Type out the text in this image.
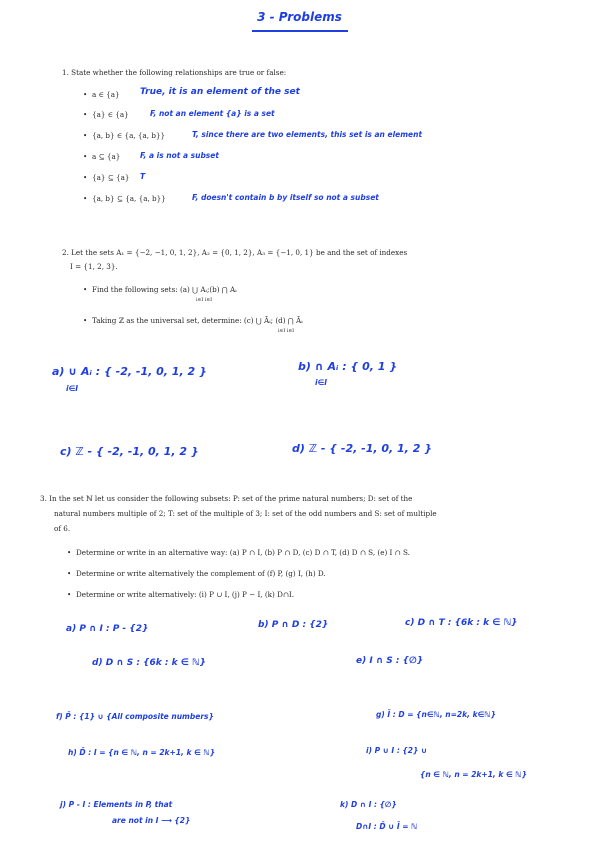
3 - Problems
1. State whether the following relationships are true or false:
• a ∈ {a} True, it is an element of the set
• {a} ∈ {a}	F, not an element {a} is a set
• {a, b} ∈ {a, {a, b}}	T, since there are two elements, this set is an element
• a ⊆ {a}	F, a is not a subset
• {a} ⊆ {a} T
• {a, b} ⊆ {a, {a, b}}	F, doesn't contain b by itself so not a subset
2. Let the sets A₁ = {−2, −1, 0, 1, 2}, A₂ = {0, 1, 2}, A₃ = {−1, 0, 1} be and the set of indexes
I = {1, 2, 3}.
• Find the following sets: (a) ⋃ Aᵢ;(b) ⋂ Aᵢ
i∈I i∈I
• Taking ℤ as the universal set, determine: (c) ⋃ Āᵢ; (d) ⋂ Āᵢ
i∈I i∈I
a) ∪ Aᵢ : { -2, -1, 0, 1, 2 }
i∈I
b) ∩ Aᵢ : { 0, 1 }
i∈I
c) ℤ - { -2, -1, 0, 1, 2 }	d) ℤ - { -2, -1, 0, 1, 2 }
3. In the set ℕ let us consider the following subsets: P: set of the prime natural numbers; D: set of the
natural numbers multiple of 2; T: set of the multiple of 3; I: set of the odd numbers and S: set of multiple
of 6.
• Determine or write in an alternative way: (a) P ∩ I, (b) P ∩ D, (c) D ∩ T, (d) D ∩ S, (e) I ∩ S.
• Determine or write alternatively the complement of (f) P, (g) I, (h) D.
• Determine or write alternatively: (i) P ∪ I, (j) P − I, (k) D∩I.
a) P ∩ I : P - {2}	b) P ∩ D : {2}	c) D ∩ T : {6k : k ∈ ℕ}
d) D ∩ S : {6k : k ∈ ℕ}	e) I ∩ S : {∅}
f) P̄ : {1} ∪ {All composite numbers}	g) Ī : D = {n∈ℕ, n=2k, k∈ℕ}
h) D̄ : I = {n ∈ ℕ, n = 2k+1, k ∈ ℕ}	i) P ∪ I : {2} ∪
{n ∈ ℕ, n = 2k+1, k ∈ ℕ}
j) P - I : Elements in P, that
are not in I ⟶ {2}
k) D ∩ I : {∅}
D∩I : D̄ ∪ Ī = ℕ
